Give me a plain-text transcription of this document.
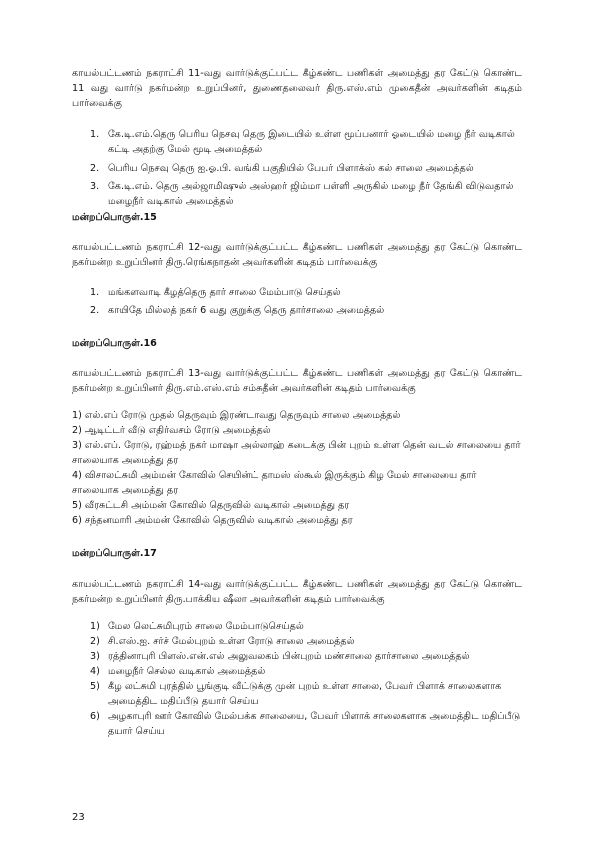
காயல்பட்டணம் நகராட்சி 11-வது வார்டுக்குட்பட்ட கீழ்கண்ட பணிகள் அமைத்து தர கேட்டு கொண்ட 11 வது வார்டு நகர்மன்ற உறுப்பினர், துணைதலைவர் திரு.எஸ்.எம் முகைதீன் அவர்களின் கடிதம் பார்வைக்கு
1. கே.டி.எம்.தெரு பெரிய நெசவு தெரு இடையில் உள்ள மூப்பனார் ஓடையில் மழை நீர் வடிகால் கட்டி அதற்கு மேல் மூடி அமைத்தல்
2. பெரிய நெசவு தெரு ஐ.ஓ.பி. வங்கி பகுதியில் பேபர் பிளாக்ஸ் கல் சாலை அமைத்தல்
3. கே.டி.எம். தெரு அல்ஜாமிஷுல் அஸ்ஹர் ஜிம்மா பள்ளி அருகில் மழை நீர் தேங்கி விடுவதால் மழைநீர் வடிகால் அமைத்தல்
மன்றப்பொருள்.15
காயல்பட்டணம் நகராட்சி 12-வது வார்டுக்குட்பட்ட கீழ்கண்ட பணிகள் அமைத்து தர கேட்டு கொண்ட நகர்மன்ற உறுப்பினர் திரு.ரெங்கநாதன் அவர்களின் கடிதம் பார்வைக்கு
1. மங்களவாடி கீழத்தெரு தார் சாலை மேம்பாடு செய்தல்
2. காயிதே மில்லத் நகர் 6 வது குறுக்கு தெரு தார்சாலை அமைத்தல்
மன்றப்பொருள்.16
காயல்பட்டணம் நகராட்சி 13-வது வார்டுக்குட்பட்ட கீழ்கண்ட பணிகள் அமைத்து தர கேட்டு கொண்ட நகர்மன்ற உறுப்பினர் திரு.எம்.எஸ்.எம் சம்சுதீன் அவர்களின் கடிதம் பார்வைக்கு

1) எல்.எப் ரோடு முதல் தெருவும் இரண்டாவது தெருவும் சாலை அமைத்தல்

2) ஆடிட்டர் வீடு எதிர்வசம் ரோடு அமைத்தல்

3) எல்.எப். ரோடு, ரஹ்மத் நகர் மாஷா அல்லாஹ் கடைக்கு பின் புறம் உள்ள தென் வடல் சாலையை தார் சாலையாக அமைத்து தர

4) விசாலட்சுமி அம்மன் கோவில் செயின்ட் தாமஸ் ஸ்கூல் இருக்கும் கிழ மேல் சாலையை தார் சாலையாக அமைத்து தர

5) வீரசுட்டசி அம்மன் கோவில் தெருவில் வடிகால் அமைத்து தர

6) சந்தனமாரி அம்மன் கோவில் தெருவில் வடிகால் அமைத்து தர

மன்றப்பொருள்.17
காயல்பட்டணம் நகராட்சி 14-வது வார்டுக்குட்பட்ட கீழ்கண்ட பணிகள் அமைத்து தர கேட்டு கொண்ட நகர்மன்ற உறுப்பினர் திரு.பாக்கிய ஷீலா அவர்களின் கடிதம் பார்வைக்கு
1) மேல லெட்சுமிபுரம் சாலை மேம்பாடுசெய்தல்
2) சி.எஸ்.ஐ. சர்ச் மேல்புறம் உள்ள ரோடு சாலை அமைத்தல்
3) ரத்தினாபுரி பிளஸ்.என்.எல் அலுவலகம் பின்புறம் மண்சாலை தார்சாலை அமைத்தல்
4) மழைநீர் செல்ல வடிகால் அமைத்தல்
5) கீழ லட்சுமி புரத்தில் பூங்குடி வீட்டுக்கு முன் புறம் உள்ள சாலை, பேவர் பிளாக் சாலைகளாக அமைத்திட மதிப்பீடு தயார் செய்ய
6) அழகாபுரி ஊர் கோவில் மேல்பக்க சாலையை, பேவர் பிளாக் சாலைகளாக அமைத்திட மதிப்பீடு தயார் செய்ய
23
